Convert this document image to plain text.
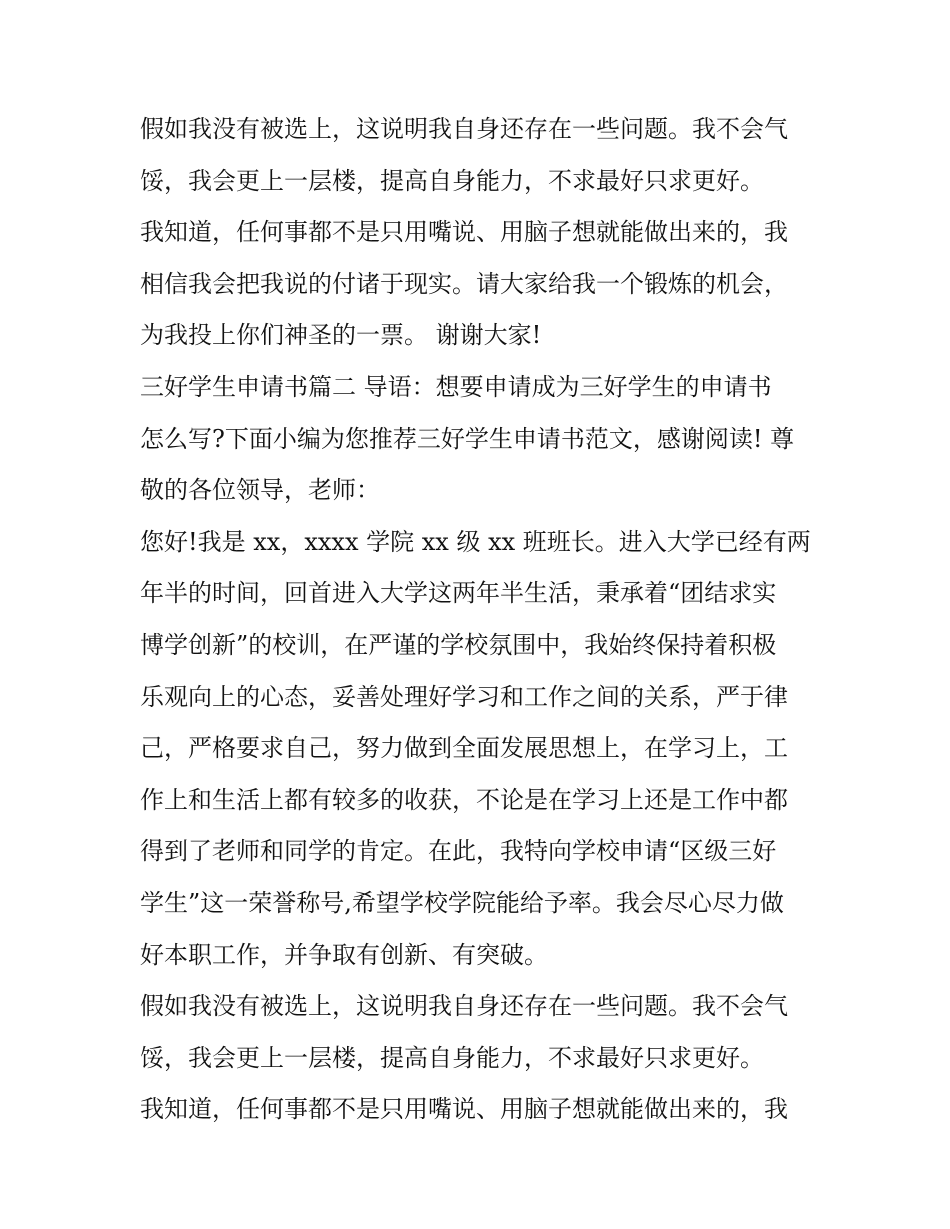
假如我没有被选上，这说明我自身还存在一些问题。我不会气
馁，我会更上一层楼，提高自身能力，不求最好只求更好。
我知道，任何事都不是只用嘴说、用脑子想就能做出来的，我
相信我会把我说的付诸于现实。请大家给我一个锻炼的机会，
为我投上你们神圣的一票。 谢谢大家!
三好学生申请书篇二 导语：想要申请成为三好学生的申请书
怎么写?下面小编为您推荐三好学生申请书范文，感谢阅读! 尊
敬的各位领导，老师：
您好!我是 xx，xxxx 学院 xx 级 xx 班班长。进入大学已经有两
年半的时间，回首进入大学这两年半生活，秉承着“团结求实
博学创新”的校训，在严谨的学校氛围中，我始终保持着积极
乐观向上的心态，妥善处理好学习和工作之间的关系，严于律
己，严格要求自己，努力做到全面发展思想上，在学习上，工
作上和生活上都有较多的收获，不论是在学习上还是工作中都
得到了老师和同学的肯定。在此，我特向学校申请“区级三好
学生”这一荣誉称号,希望学校学院能给予率。我会尽心尽力做
好本职工作，并争取有创新、有突破。
假如我没有被选上，这说明我自身还存在一些问题。我不会气
馁，我会更上一层楼，提高自身能力，不求最好只求更好。
我知道，任何事都不是只用嘴说、用脑子想就能做出来的，我
